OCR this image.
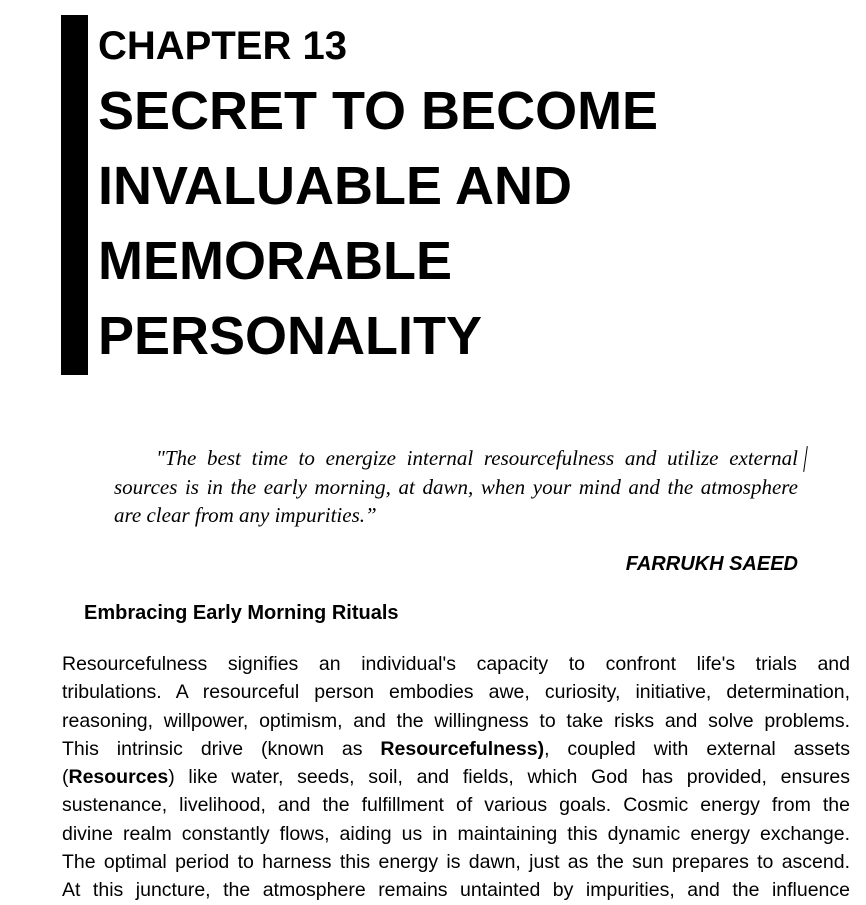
CHAPTER 13
SECRET TO BECOME
INVALUABLE AND
MEMORABLE
PERSONALITY

"The best time to energize internal resourcefulness and utilize external sources is in the early morning, at dawn, when your mind and the atmosphere are clear from any impurities.”

FARRUKH SAEED
Embracing Early Morning Rituals
Resourcefulness signifies an individual's capacity to confront life's trials and
tribulations. A resourceful person embodies awe, curiosity, initiative, determination,
reasoning, willpower, optimism, and the willingness to take risks and solve problems.
This intrinsic drive (known as Resourcefulness), coupled with external assets
(Resources) like water, seeds, soil, and fields, which God has provided, ensures
sustenance, livelihood, and the fulfillment of various goals. Cosmic energy from the
divine realm constantly flows, aiding us in maintaining this dynamic energy exchange.
The optimal period to harness this energy is dawn, just as the sun prepares to ascend.
At this juncture, the atmosphere remains untainted by impurities, and the influence
